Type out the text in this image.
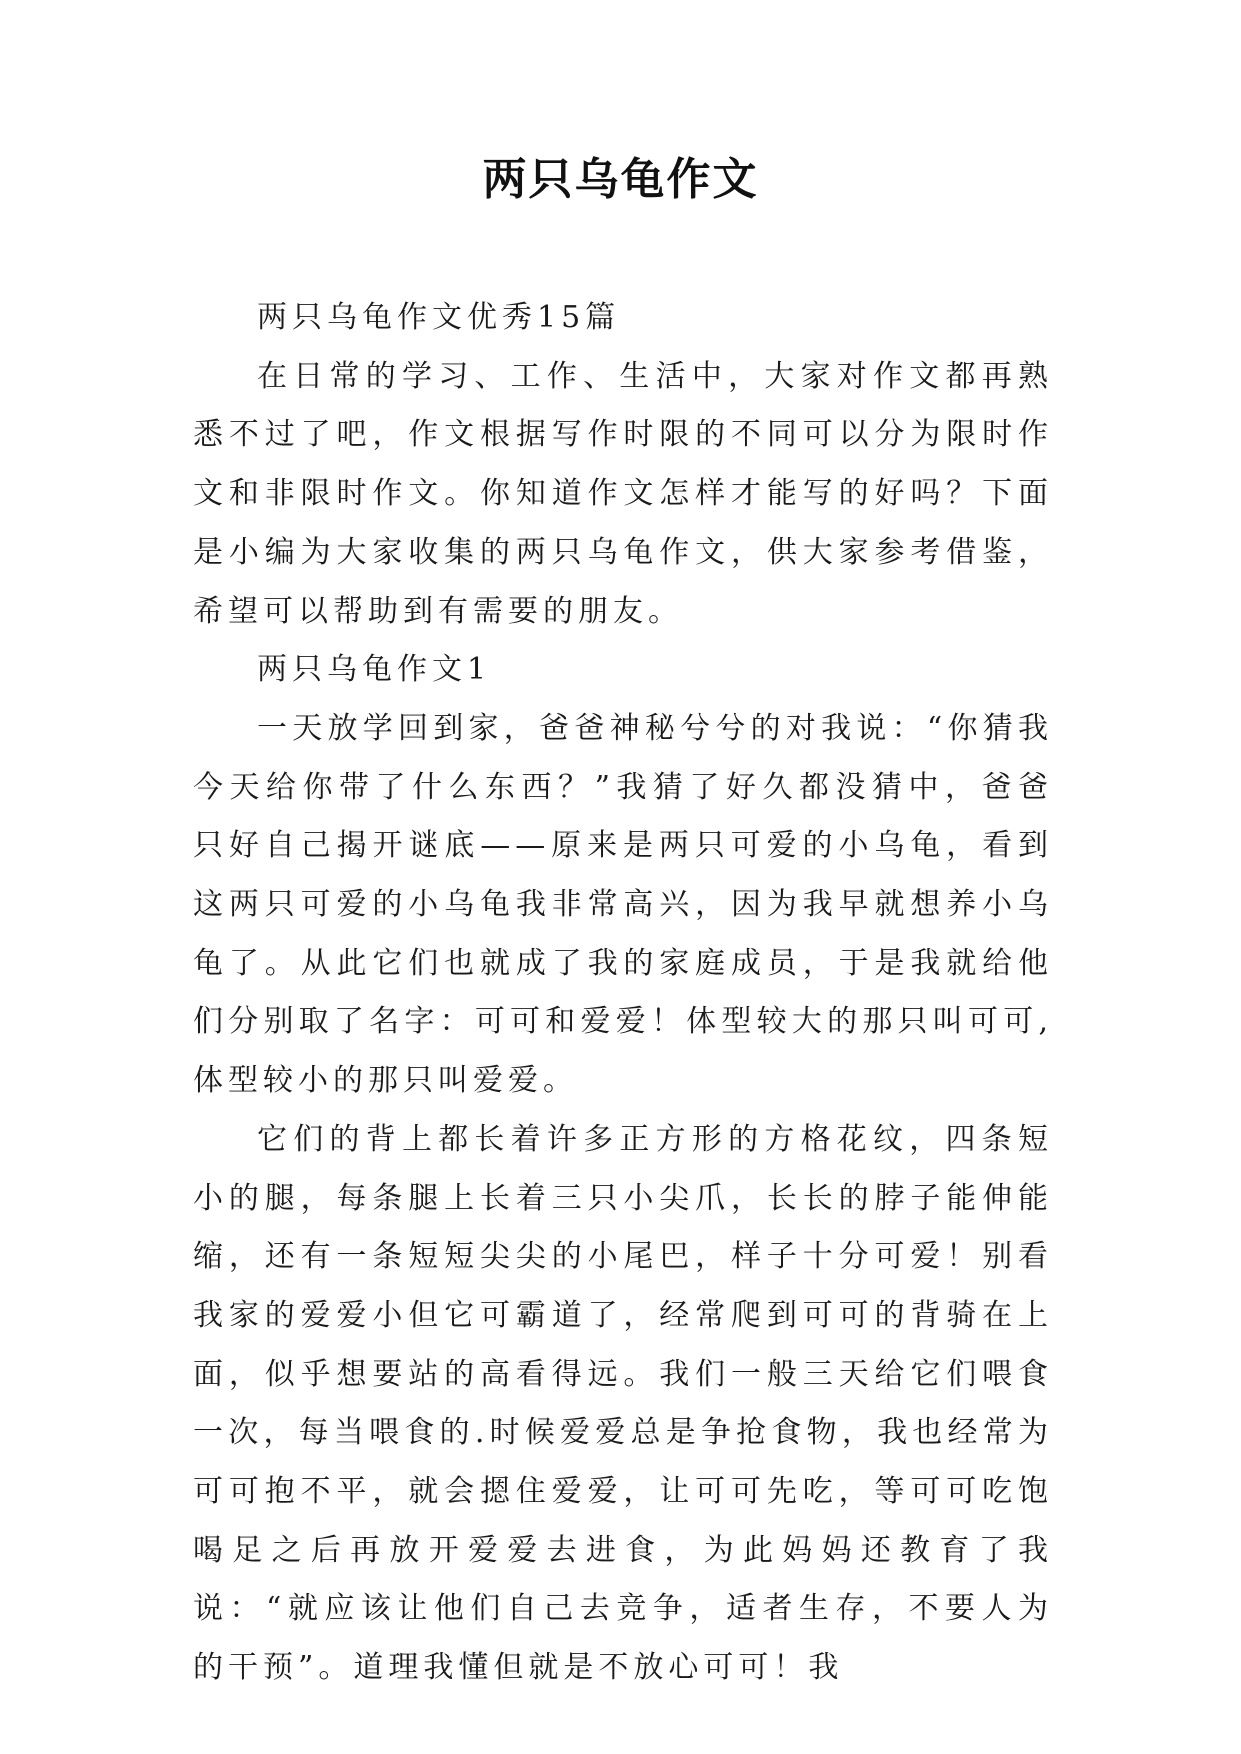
两只乌龟作文

两只乌龟作文优秀15篇

在日常的学习、工作、生活中，大家对作文都再熟悉不过了吧，作文根据写作时限的不同可以分为限时作文和非限时作文。你知道作文怎样才能写的好吗？下面是小编为大家收集的两只乌龟作文，供大家参考借鉴，希望可以帮助到有需要的朋友。

两只乌龟作文1

一天放学回到家，爸爸神秘兮兮的对我说：“你猜我今天给你带了什么东西？”我猜了好久都没猜中，爸爸只好自己揭开谜底——原来是两只可爱的小乌龟，看到这两只可爱的小乌龟我非常高兴，因为我早就想养小乌龟了。从此它们也就成了我的家庭成员，于是我就给他们分别取了名字：可可和爱爱！体型较大的那只叫可可,体型较小的那只叫爱爱。

它们的背上都长着许多正方形的方格花纹，四条短小的腿，每条腿上长着三只小尖爪，长长的脖子能伸能缩，还有一条短短尖尖的小尾巴，样子十分可爱！别看我家的爱爱小但它可霸道了，经常爬到可可的背骑在上面，似乎想要站的高看得远。我们一般三天给它们喂食一次，每当喂食的.时候爱爱总是争抢食物，我也经常为可可抱不平，就会摁住爱爱，让可可先吃，等可可吃饱喝足之后再放开爱爱去进食，为此妈妈还教育了我说：“就应该让他们自己去竞争，适者生存，不要人为的干预”。道理我懂但就是不放心可可！我
